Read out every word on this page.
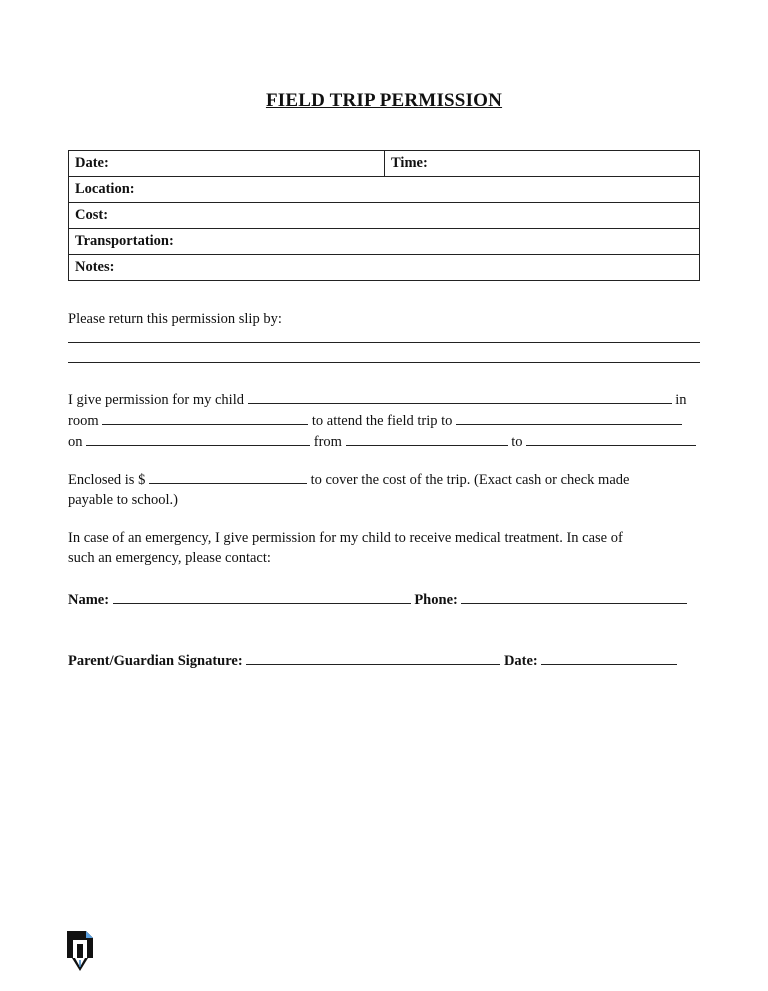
FIELD TRIP PERMISSION
Date:	Time:
Location:
Cost:
Transportation:
Notes:
Please return this permission slip by:
I give permission for my child	in
room	to attend the field trip to
on	from	to
Enclosed is $	to cover the cost of the trip. (Exact cash or check made
payable to school.)
In case of an emergency, I give permission for my child to receive medical treatment. In case of
such an emergency, please contact:
Name:	Phone:
Parent/Guardian Signature:	Date:
